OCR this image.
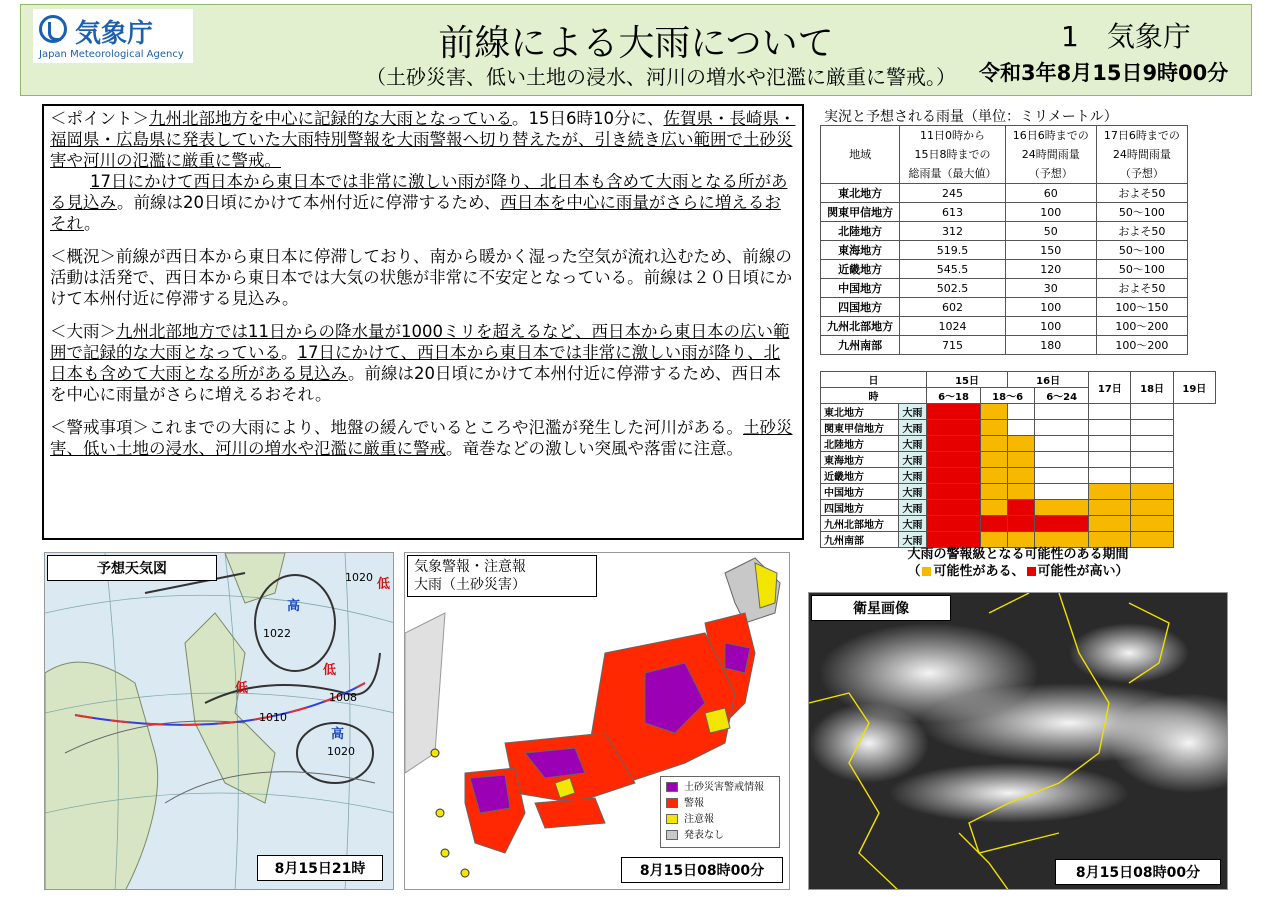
気象庁
Japan Meteorological Agency	前線による大雨について
（土砂災害、低い土地の浸水、河川の増水や氾濫に厳重に警戒。）
1　 気象庁
令和3年8月15日9時00分
＜ポイント＞九州北部地方を中心に記録的な大雨となっている。15日6時10分に、佐賀県・長崎県・福岡県・広島県に発表していた大雨特別警報を大雨警報へ切り替えたが、引き続き広い範囲で土砂災害や河川の氾濫に厳重に警戒。

17日にかけて西日本から東日本では非常に激しい雨が降り、北日本も含めて大雨となる所がある見込み。前線は20日頃にかけて本州付近に停滞するため、西日本を中心に雨量がさらに増えるおそれ。
＜概況＞前線が西日本から東日本に停滞しており、南から暖かく湿った空気が流れ込むため、前線の活動は活発で、西日本から東日本では大気の状態が非常に不安定となっている。前線は２０日頃にかけて本州付近に停滞する見込み。
＜大雨＞九州北部地方では11日からの降水量が1000ミリを超えるなど、西日本から東日本の広い範囲で記録的な大雨となっている。17日にかけて、西日本から東日本では非常に激しい雨が降り、北日本も含めて大雨となる所がある見込み。前線は20日頃にかけて本州付近に停滞するため、西日本を中心に雨量がさらに増えるおそれ。
＜警戒事項＞これまでの大雨により、地盤の緩んでいるところや氾濫が発生した河川がある。土砂災害、低い土地の浸水、河川の増水や氾濫に厳重に警戒。竜巻などの激しい突風や落雷に注意。
実況と予想される雨量（単位：ミリメートル）
地域	11日0時から
15日8時までの
総雨量（最大値）	16日6時までの
24時間雨量
（予想）	17日6時までの
24時間雨量
（予想）
東北地方	245	60	およそ50
関東甲信地方	613	100	50～100
北陸地方	312	50	およそ50
東海地方	519.5	150	50～100
近畿地方	545.5	120	50～100
中国地方	502.5	30	およそ50
四国地方	602	100	100～150
九州北部地方	1024	100	100～200
九州南部	715	180	100～200
日		15日		16日		17日	18日	19日
時		6～18	18～6		6～24			
東北地方	大雨							
関東甲信地方	大雨							
北陸地方	大雨							
東海地方	大雨							
近畿地方	大雨							
中国地方	大雨							
四国地方	大雨							
九州北部地方	大雨							
九州南部	大雨							
大雨の警報級となる可能性のある期間
（ 可能性がある、 可能性が高い）
予想天気図
高
1022
低
1010
低
1008
高
1020
低
1020
8月15日21時
気象警報・注意報
大雨（土砂災害）
8月15日08時00分
土砂災害警戒情報
警報
注意報
発表なし
衛星画像
8月15日08時00分
